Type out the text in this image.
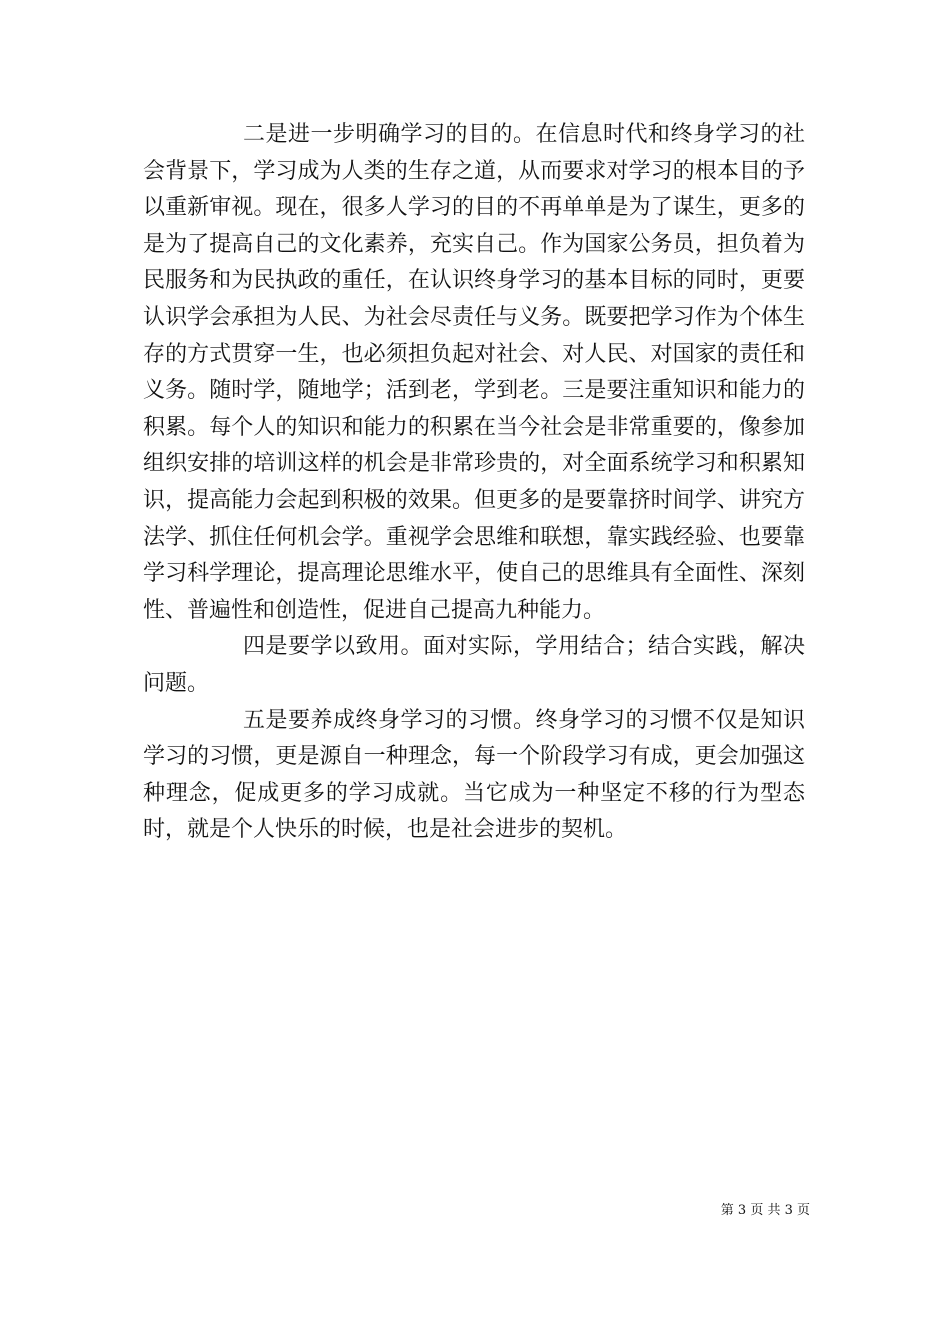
二是进一步明确学习的目的。在信息时代和终身学习的社会背景下，学习成为人类的生存之道，从而要求对学习的根本目的予以重新审视。现在，很多人学习的目的不再单单是为了谋生，更多的是为了提高自己的文化素养，充实自己。作为国家公务员，担负着为民服务和为民执政的重任，在认识终身学习的基本目标的同时，更要认识学会承担为人民、为社会尽责任与义务。既要把学习作为个体生存的方式贯穿一生，也必须担负起对社会、对人民、对国家的责任和义务。随时学，随地学；活到老，学到老。三是要注重知识和能力的积累。每个人的知识和能力的积累在当今社会是非常重要的，像参加组织安排的培训这样的机会是非常珍贵的，对全面系统学习和积累知识，提高能力会起到积极的效果。但更多的是要靠挤时间学、讲究方法学、抓住任何机会学。重视学会思维和联想，靠实践经验、也要靠学习科学理论，提高理论思维水平，使自己的思维具有全面性、深刻性、普遍性和创造性，促进自己提高九种能力。

四是要学以致用。面对实际，学用结合；结合实践，解决问题。

五是要养成终身学习的习惯。终身学习的习惯不仅是知识学习的习惯，更是源自一种理念，每一个阶段学习有成，更会加强这种理念，促成更多的学习成就。当它成为一种坚定不移的行为型态时，就是个人快乐的时候，也是社会进步的契机。

第 3 页 共 3 页
